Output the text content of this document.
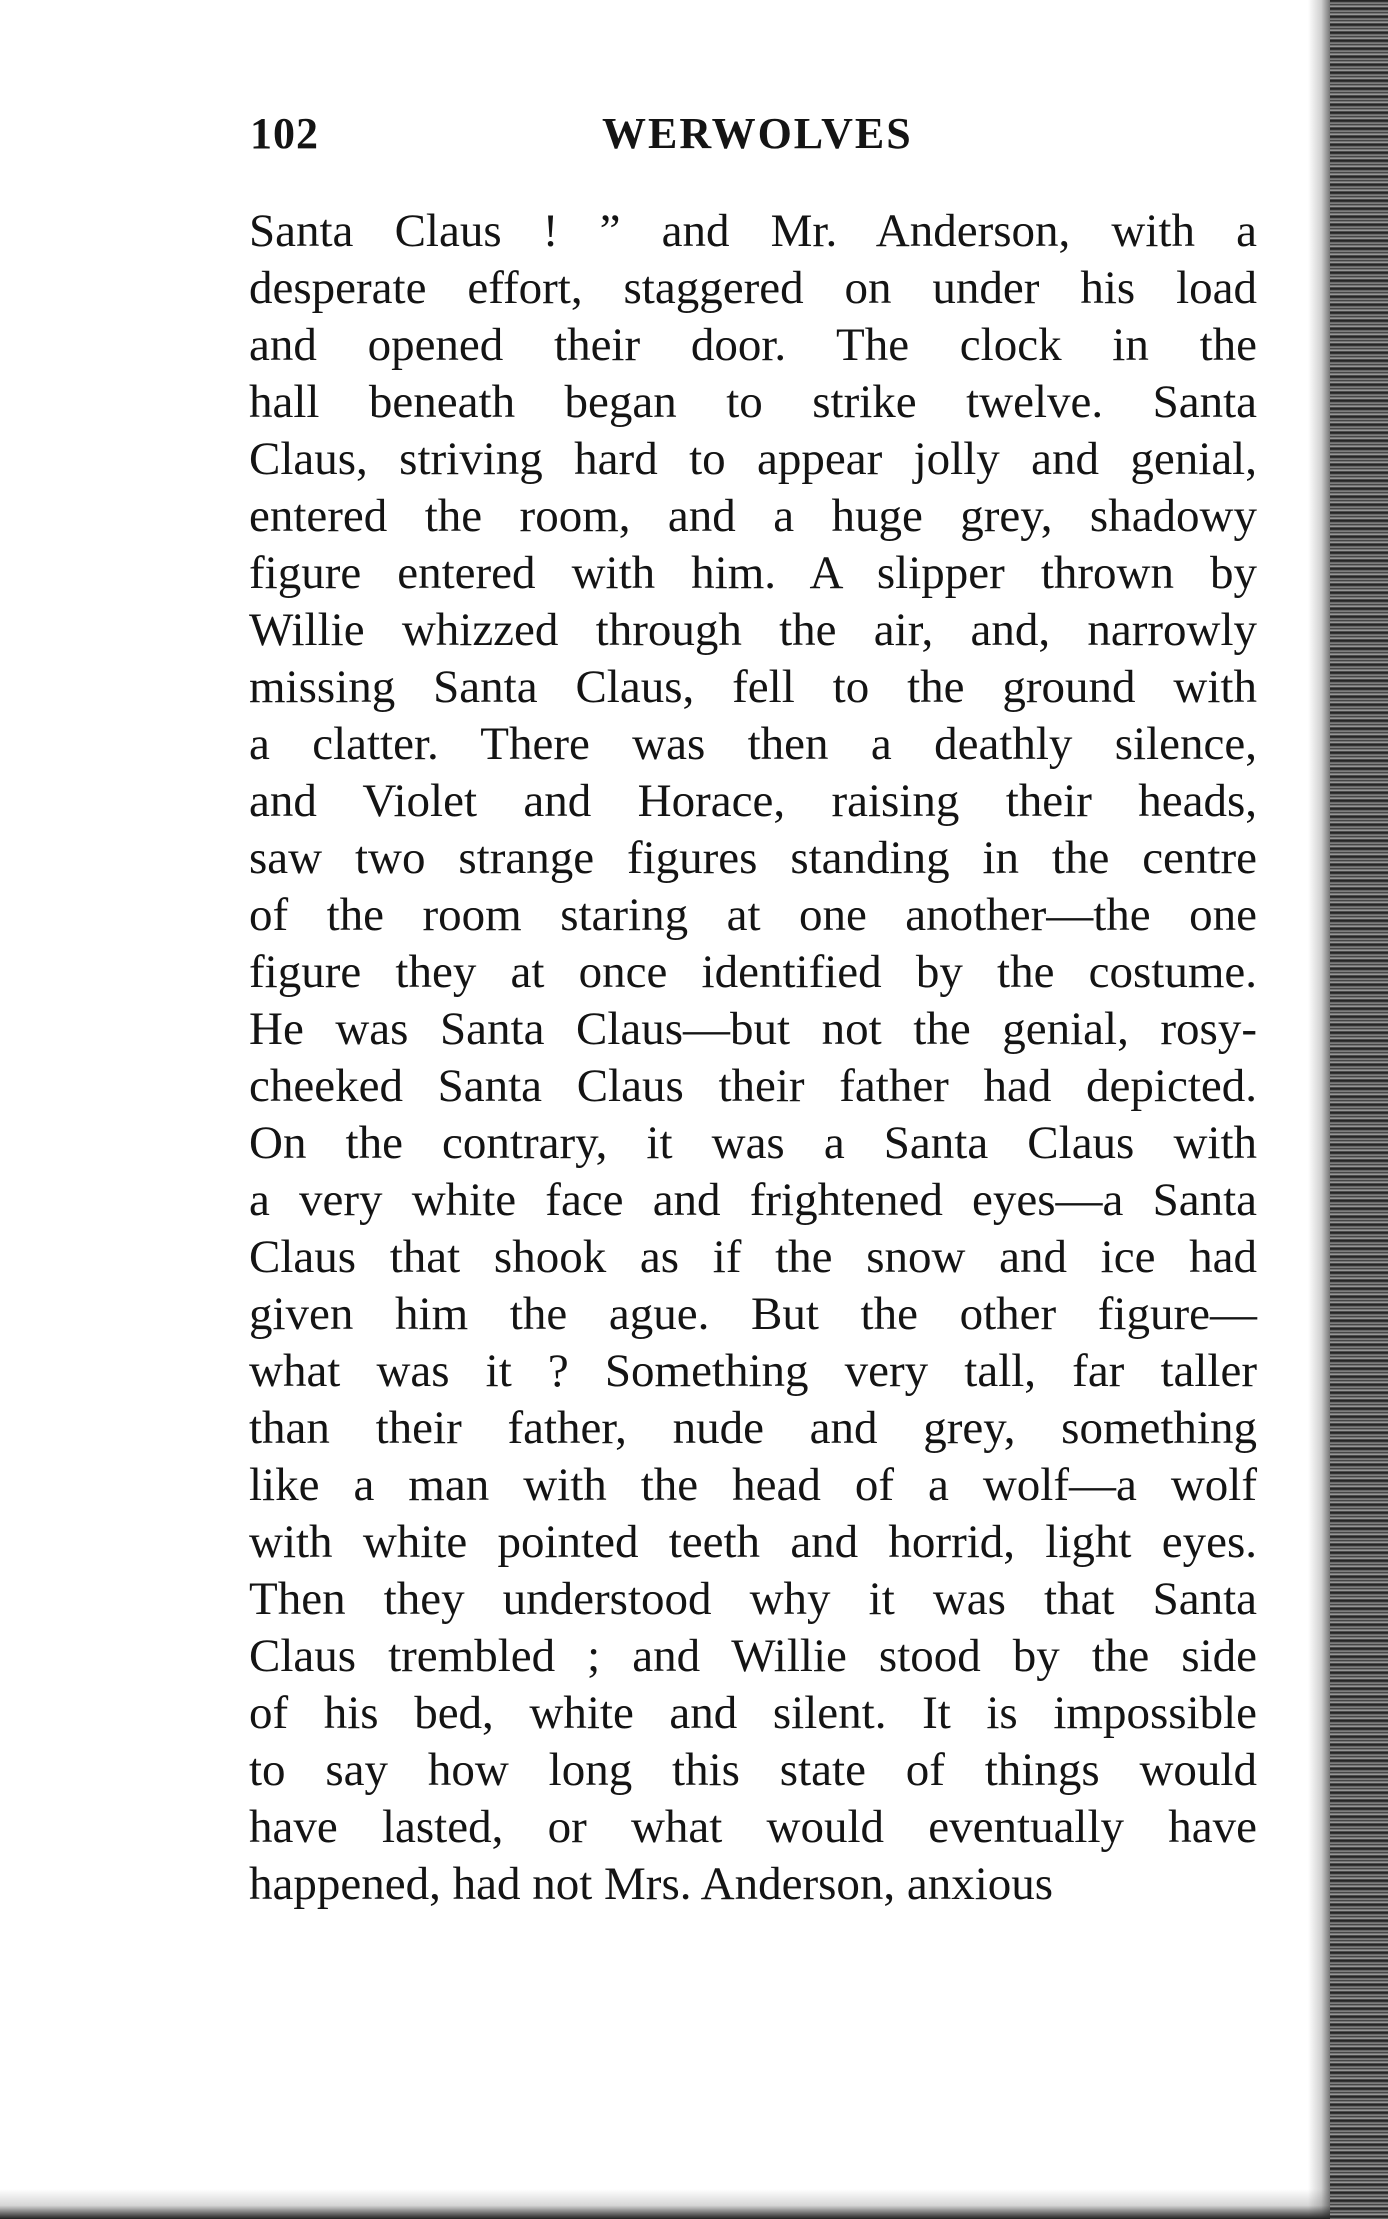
102	WERWOLVES
Santa Claus ! ” and Mr. Anderson, with a
desperate effort, staggered on under his load
and opened their door. The clock in the
hall beneath began to strike twelve. Santa
Claus, striving hard to appear jolly and genial,
entered the room, and a huge grey, shadowy
figure entered with him. A slipper thrown by
Willie whizzed through the air, and, narrowly
missing Santa Claus, fell to the ground with
a clatter. There was then a deathly silence,
and Violet and Horace, raising their heads,
saw two strange figures standing in the centre
of the room staring at one another—the one
figure they at once identified by the costume.
He was Santa Claus—but not the genial, rosy-
cheeked Santa Claus their father had depicted.
On the contrary, it was a Santa Claus with
a very white face and frightened eyes—a Santa
Claus that shook as if the snow and ice had
given him the ague. But the other figure—
what was it ? Something very tall, far taller
than their father, nude and grey, something
like a man with the head of a wolf—a wolf
with white pointed teeth and horrid, light eyes.
Then they understood why it was that Santa
Claus trembled ; and Willie stood by the side
of his bed, white and silent. It is impossible
to say how long this state of things would
have lasted, or what would eventually have
happened, had not Mrs. Anderson, anxious
